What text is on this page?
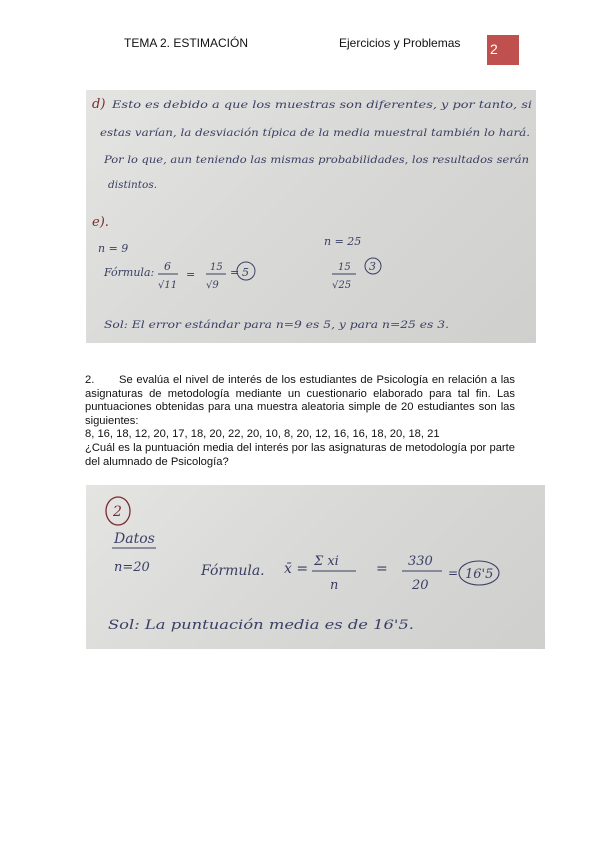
TEMA 2. ESTIMACIÓN	Ejercicios y Problemas 2
d) Esto es debido a que los muestras son diferentes, y por tanto, si
estas varían, la desviación típica de la media muestral también lo hará.
Por lo que, aun teniendo las mismas probabilidades, los resultados serán
distintos.
e).
n = 9
n = 25
Fórmula: 6
√11
=
15
√9
= 5	15
√25
3
Sol: El error estándar para n=9 es 5, y para n=25 es 3.

2. Se evalúa el nivel de interés de los estudiantes de Psicología en relación a las asignaturas de metodología mediante un cuestionario elaborado para tal fin. Las puntuaciones obtenidas para una muestra aleatoria simple de 20 estudiantes son las siguientes:

8, 16, 18, 12, 20, 17, 18, 20, 22, 20, 10, 8, 20, 12, 16, 16, 18, 20, 18, 21

¿Cuál es la puntuación media del interés por las asignaturas de metodología por parte del alumnado de Psicología?

2
Datos
n=20	Fórmula. x̄ = Σ xi
n
= 330
20
= 16'5
Sol: La puntuación media es de 16'5.
